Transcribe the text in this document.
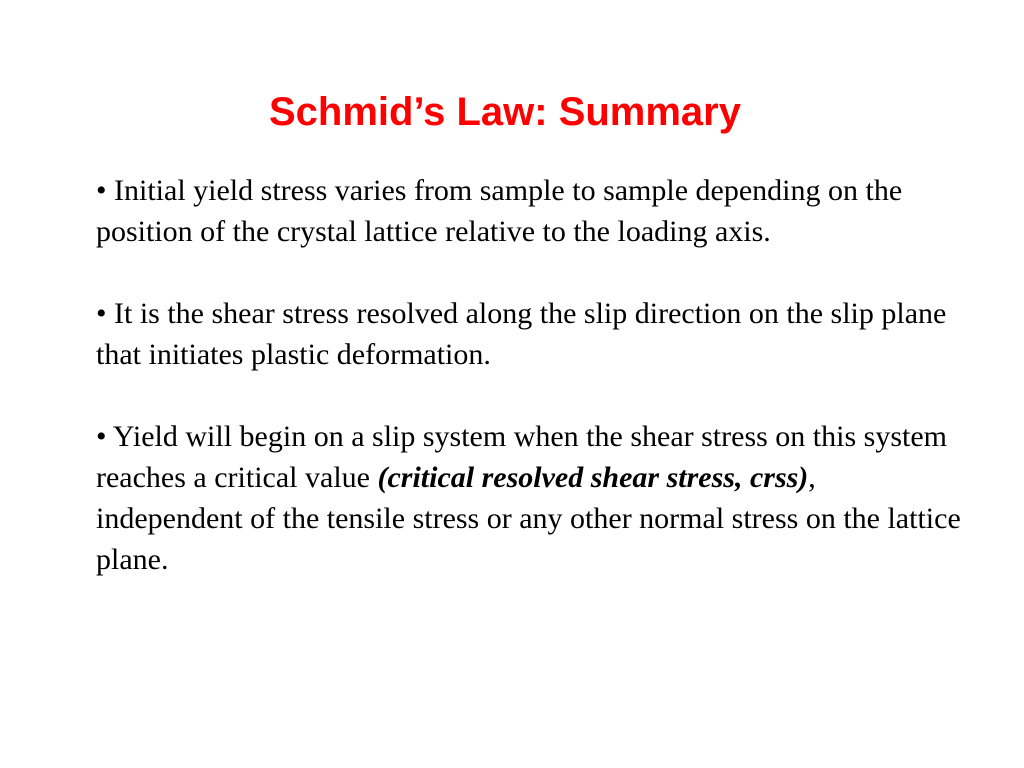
Schmid’s Law: Summary

• Initial yield stress varies from sample to sample depending on the position of the crystal lattice relative to the loading axis.

• It is the shear stress resolved along the slip direction on the slip plane that initiates plastic deformation.

• Yield will begin on a slip system when the shear stress on this system reaches a critical value (critical resolved shear stress, crss), independent of the tensile stress or any other normal stress on the lattice plane.
